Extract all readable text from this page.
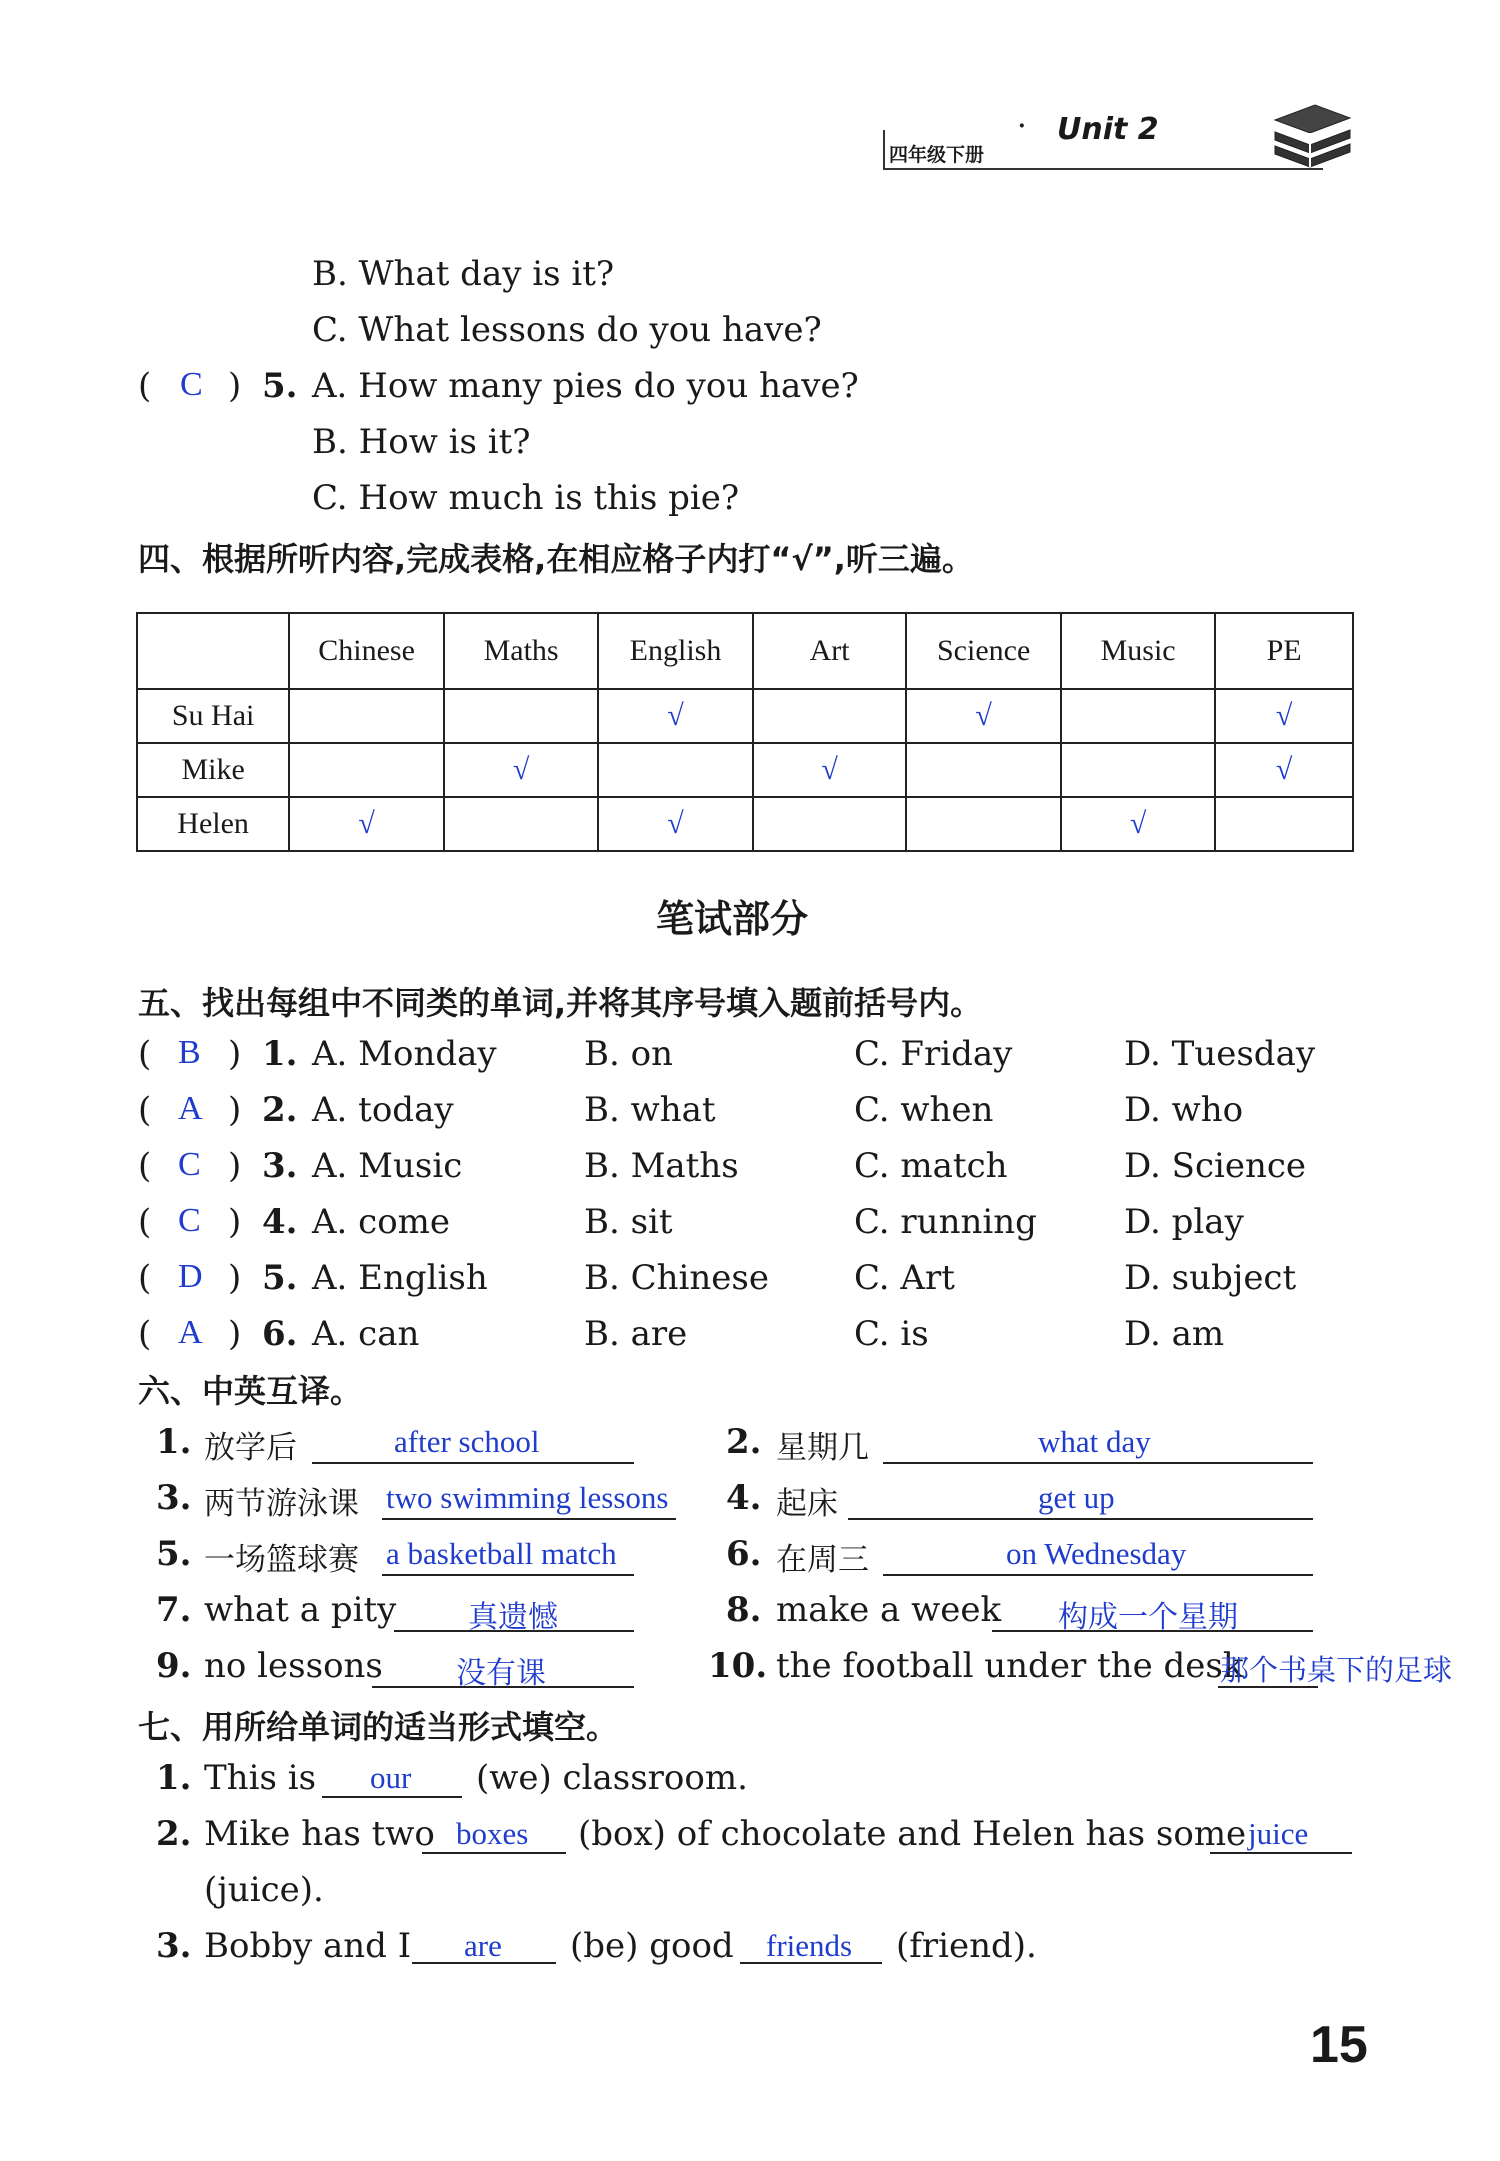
四年级下册
· Unit 2
B. What day is it?
C. What lessons do you have?
( C ) 5. A. How many pies do you have?
B. How is it?
C. How much is this pie?
四、根据所听内容,完成表格,在相应格子内打“√”,听三遍。
	Chinese	Maths	English	Art	Science	Music	PE
Su Hai			√		√		√
Mike		√		√			√
Helen	√		√			√	
笔试部分
五、找出每组中不同类的单词,并将其序号填入题前括号内。
( B ) 1. A. Monday	B. on	C. Friday	D. Tuesday
( A ) 2. A. today	B. what	C. when	D. who
( C ) 3. A. Music	B. Maths	C. match	D. Science
( C ) 4. A. come	B. sit	C. running	D. play
( D ) 5. A. English	B. Chinese	C. Art	D. subject
( A ) 6. A. can	B. are	C. is	D. am
六、中英互译。
1. 放学后	after school	2. 星期几	what day
3. 两节游泳课 two swimming lessons 4. 起床	get up
5. 一场篮球赛 a basketball match	6. 在周三	on Wednesday
7. what a pity 真遗憾	8. make a week 构成一个星期
9. no lessons 没有课	10. the football under the desk
那个书桌下的足球
七、用所给单词的适当形式填空。
1. This is our (we) classroom.
2. Mike has two boxes (box) of chocolate and Helen has some juice
(juice).
3. Bobby and I are (be) good friends (friend).
15
